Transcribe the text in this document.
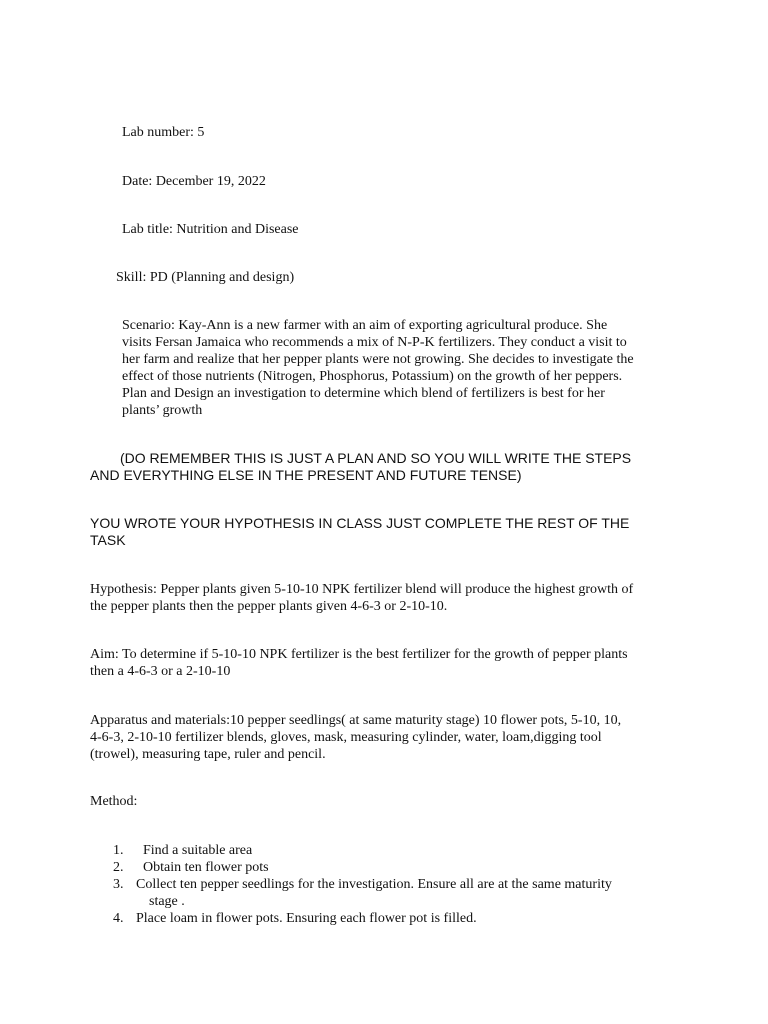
Lab number: 5
Date: December 19, 2022
Lab title: Nutrition and Disease
Skill: PD (Planning and design)
Scenario: Kay-Ann is a new farmer with an aim of exporting agricultural produce. She
visits Fersan Jamaica who recommends a mix of N-P-K fertilizers. They conduct a visit to
her farm and realize that her pepper plants were not growing. She decides to investigate the
effect of those nutrients (Nitrogen, Phosphorus, Potassium) on the growth of her peppers.
Plan and Design an investigation to determine which blend of fertilizers is best for her
plants’ growth
(DO REMEMBER THIS IS JUST A PLAN AND SO YOU WILL WRITE THE STEPS
AND EVERYTHING ELSE IN THE PRESENT AND FUTURE TENSE)
YOU WROTE YOUR HYPOTHESIS IN CLASS JUST COMPLETE THE REST OF THE
TASK
Hypothesis: Pepper plants given 5-10-10 NPK fertilizer blend will produce the highest growth of
the pepper plants then the pepper plants given 4-6-3 or 2-10-10.
Aim: To determine if 5-10-10 NPK fertilizer is the best fertilizer for the growth of pepper plants
then a 4-6-3 or a 2-10-10
Apparatus and materials:10 pepper seedlings( at same maturity stage) 10 flower pots, 5-10, 10,
4-6-3, 2-10-10 fertilizer blends, gloves, mask, measuring cylinder, water, loam,digging tool
(trowel), measuring tape, ruler and pencil.
Method:
1. Find a suitable area
2. Obtain ten flower pots
3. Collect ten pepper seedlings for the investigation. Ensure all are at the same maturity
stage .
4. Place loam in flower pots. Ensuring each flower pot is filled.
